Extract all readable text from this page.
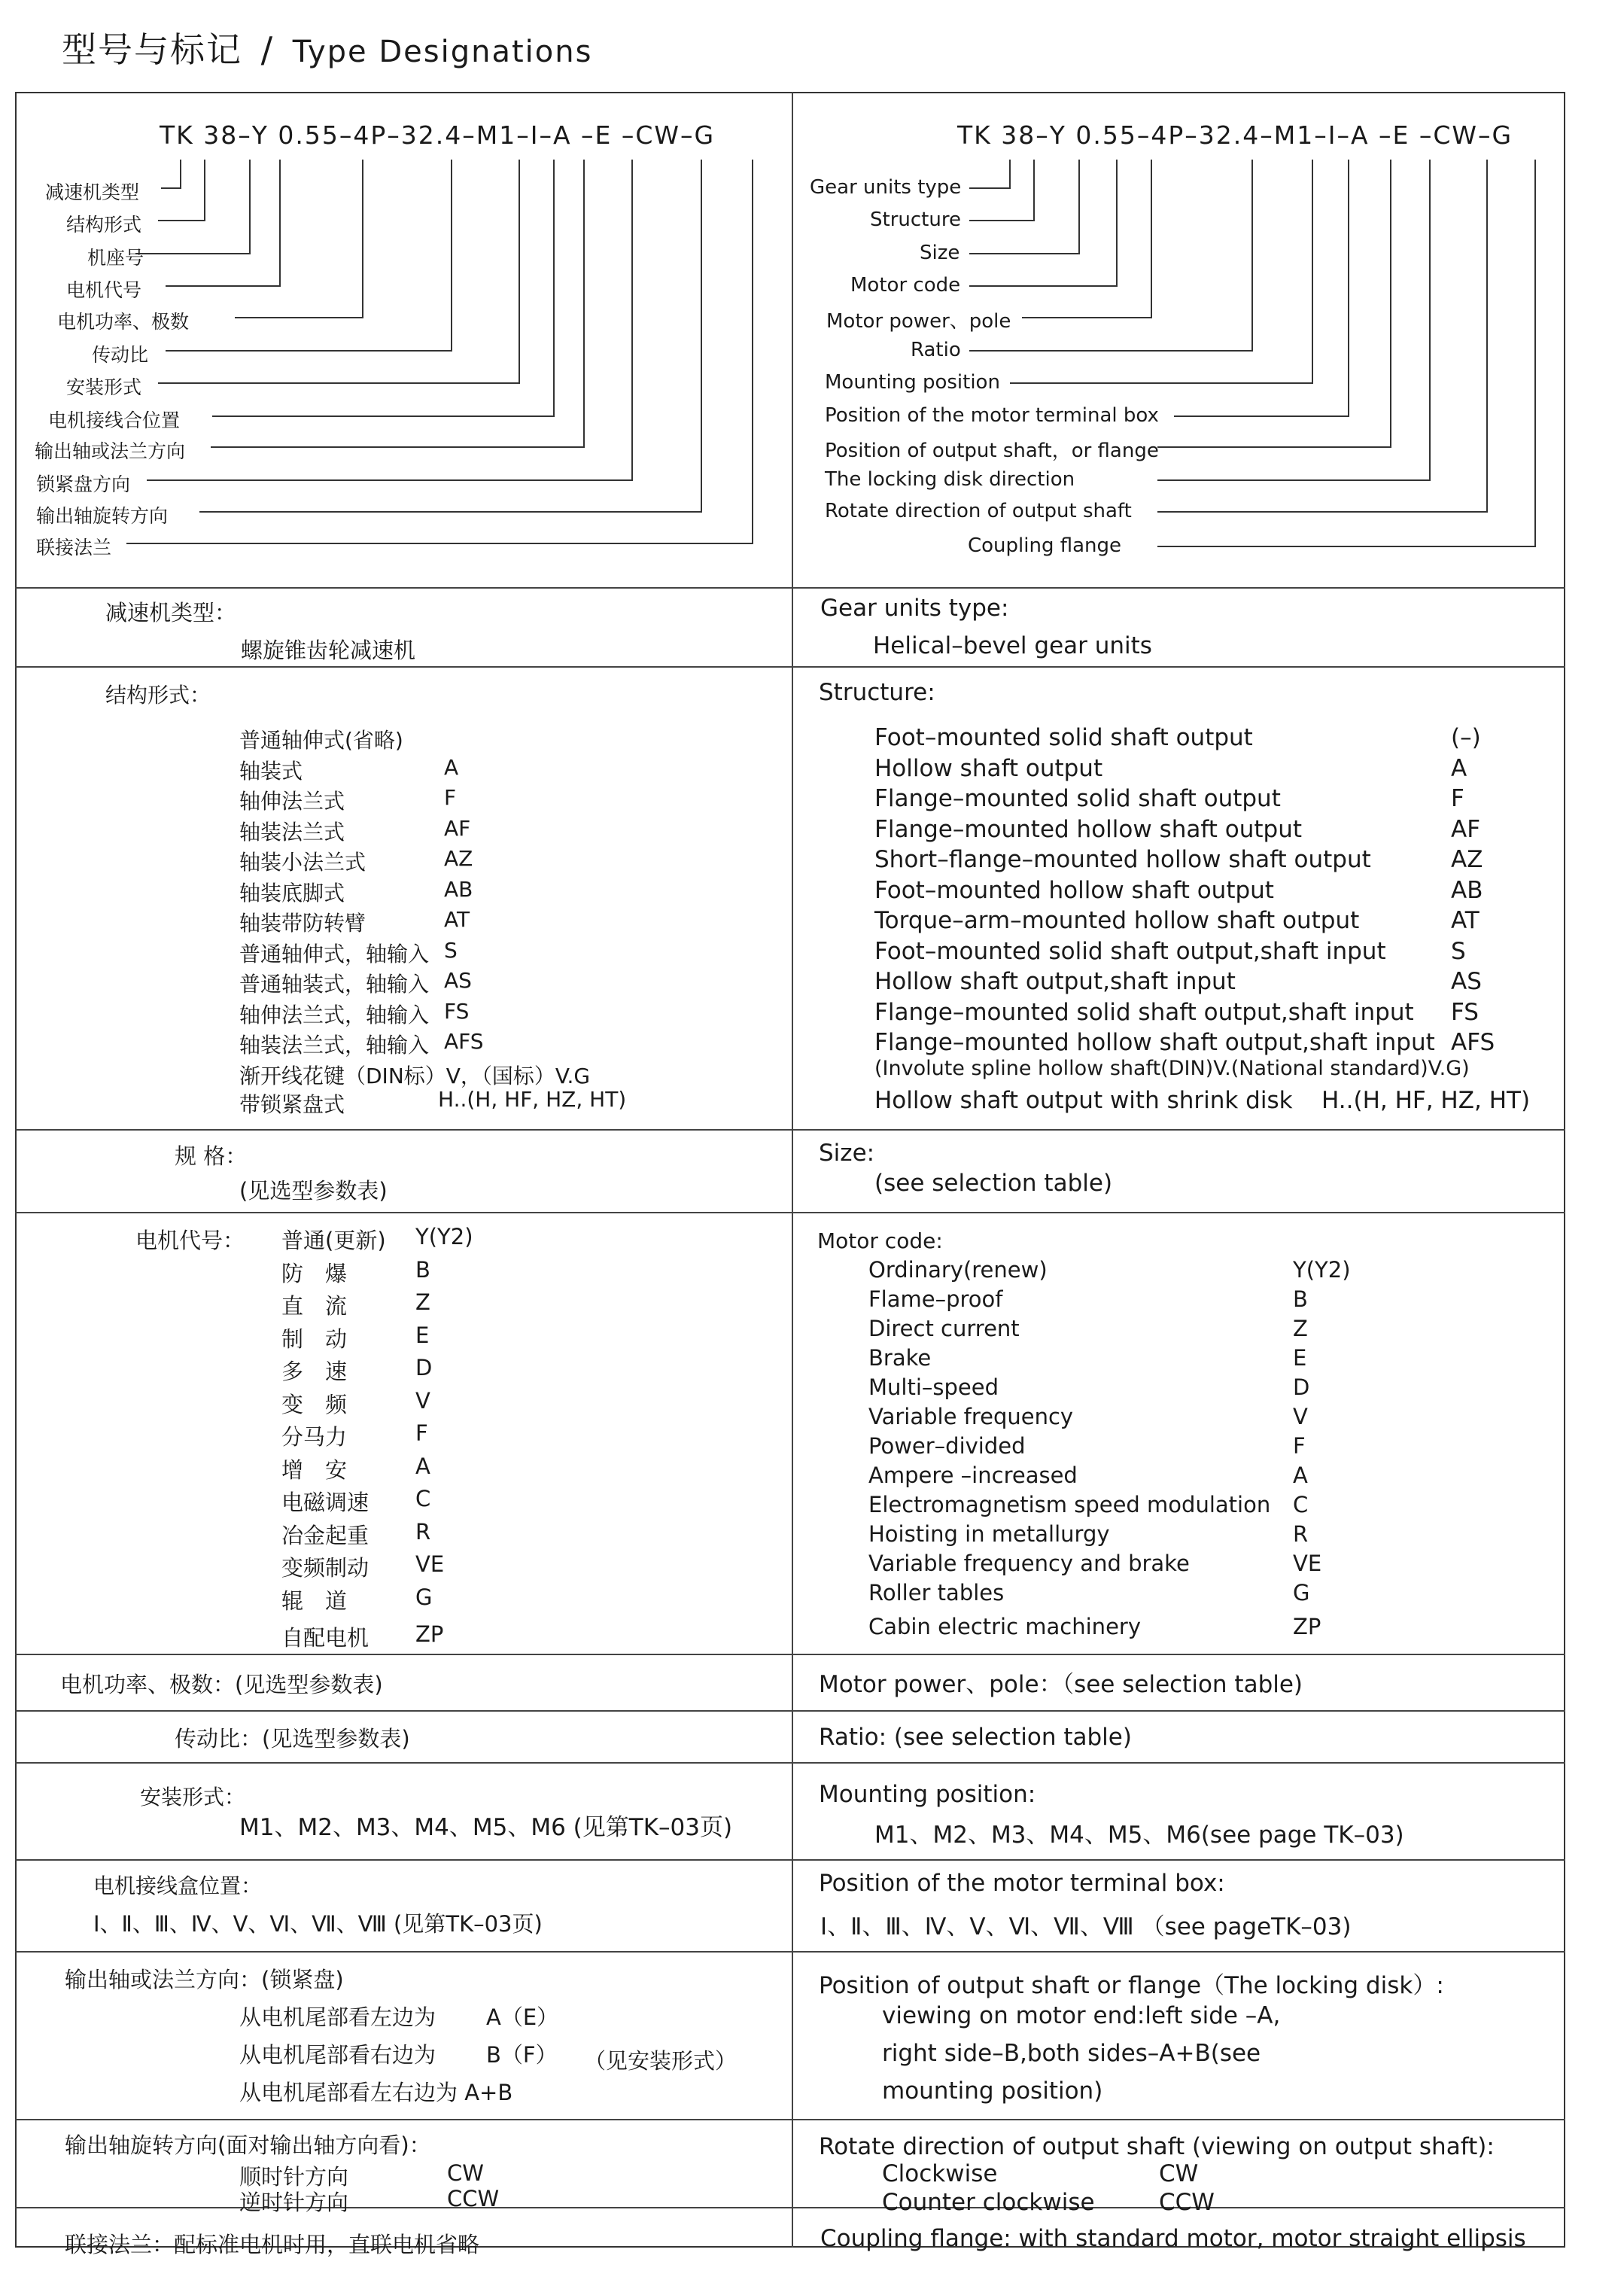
型号与标记 / Type Designations
TK 38–Y 0.55–4P–32.4–M1–I–A –E –CW–G
减速机类型
结构形式
机座号
电机代号
电机功率、极数
传动比
安装形式
电机接线合位置
输出轴或法兰方向
锁紧盘方向
输出轴旋转方向
联接法兰
TK 38–Y 0.55–4P–32.4–M1–I–A –E –CW–G
Gear units type
Structure
Size
Motor code
Motor power、pole
Ratio
Mounting position
Position of the motor terminal box
Position of output shaft，or flange
The locking disk direction
Rotate direction of output shaft
Coupling flange
减速机类型：
螺旋锥齿轮减速机
Gear units type:
Helical–bevel gear units
结构形式：	Structure:
普通轴伸式(省略)
轴装式	A
轴伸法兰式	F
轴装法兰式	AF
轴装小法兰式	AZ
轴装底脚式	AB
轴装带防转臂	AT
普通轴伸式，轴输入 S
普通轴装式，轴输入 AS
轴伸法兰式，轴输入 FS
轴装法兰式，轴输入 AFS
Foot–mounted solid shaft output	(–)
Hollow shaft output	A
Flange–mounted solid shaft output	F
Flange–mounted hollow shaft output	AF
Short–flange–mounted hollow shaft output	AZ
Foot–mounted hollow shaft output	AB
Torque–arm–mounted hollow shaft output	AT
Foot–mounted solid shaft output,shaft input	S
Hollow shaft output,shaft input	AS
Flange–mounted solid shaft output,shaft input FS
Flange–mounted hollow shaft output,shaft input AFS
渐开线花键（DIN标）V，（国标）V.G
带锁紧盘式	H..(H, HF, HZ, HT)
(Involute spline hollow shaft(DIN)V.(National standard)V.G)
Hollow shaft output with shrink disk H..(H, HF, HZ, HT)
规 格：
(见选型参数表)
Size:
(see selection table)
电机代号：	Motor code:
普通(更新) Y(Y2)
防　爆	B
直　流	Z
制　动	E
多　速	D
变　频	V
分马力	F
增　安	A
电磁调速 C
冶金起重 R
变频制动 VE
辊　道	G
自配电机 ZP
Ordinary(renew)	Y(Y2)
Flame–proof	B
Direct current	Z
Brake	E
Multi–speed	D
Variable frequency	V
Power–divided	F
Ampere –increased	A
Electromagnetism speed modulation C
Hoisting in metallurgy	R
Variable frequency and brake	VE
Roller tables	G
Cabin electric machinery	ZP
电机功率、极数：(见选型参数表)	Motor power、pole：（see selection table)
传动比：(见选型参数表)	Ratio: (see selection table)
安装形式：
M1、M2、M3、M4、M5、M6 (见第TK–03页)
Mounting position:
M1、M2、M3、M4、M5、M6(see page TK–03)
电机接线盒位置：
Ⅰ、Ⅱ、Ⅲ、Ⅳ、Ⅴ、Ⅵ、Ⅶ、Ⅷ (见第TK–03页)
Position of the motor terminal box:
Ⅰ、Ⅱ、Ⅲ、Ⅳ、Ⅴ、Ⅵ、Ⅶ、Ⅷ （see pageTK–03)
输出轴或法兰方向：(锁紧盘)
从电机尾部看左边为 A（E）
从电机尾部看右边为 B（F）
从电机尾部看左右边为 A+B
（见安装形式）
Position of output shaft or flange（The locking disk）:
viewing on motor end:left side –A,
right side–B,both sides–A+B(see
mounting position)
输出轴旋转方向(面对输出轴方向看)：
顺时针方向	CW
逆时针方向	CCW
Rotate direction of output shaft (viewing on output shaft):
Clockwise	CW
Counter clockwise	CCW
联接法兰：配标准电机时用，直联电机省略	Coupling flange: with standard motor, motor straight ellipsis
